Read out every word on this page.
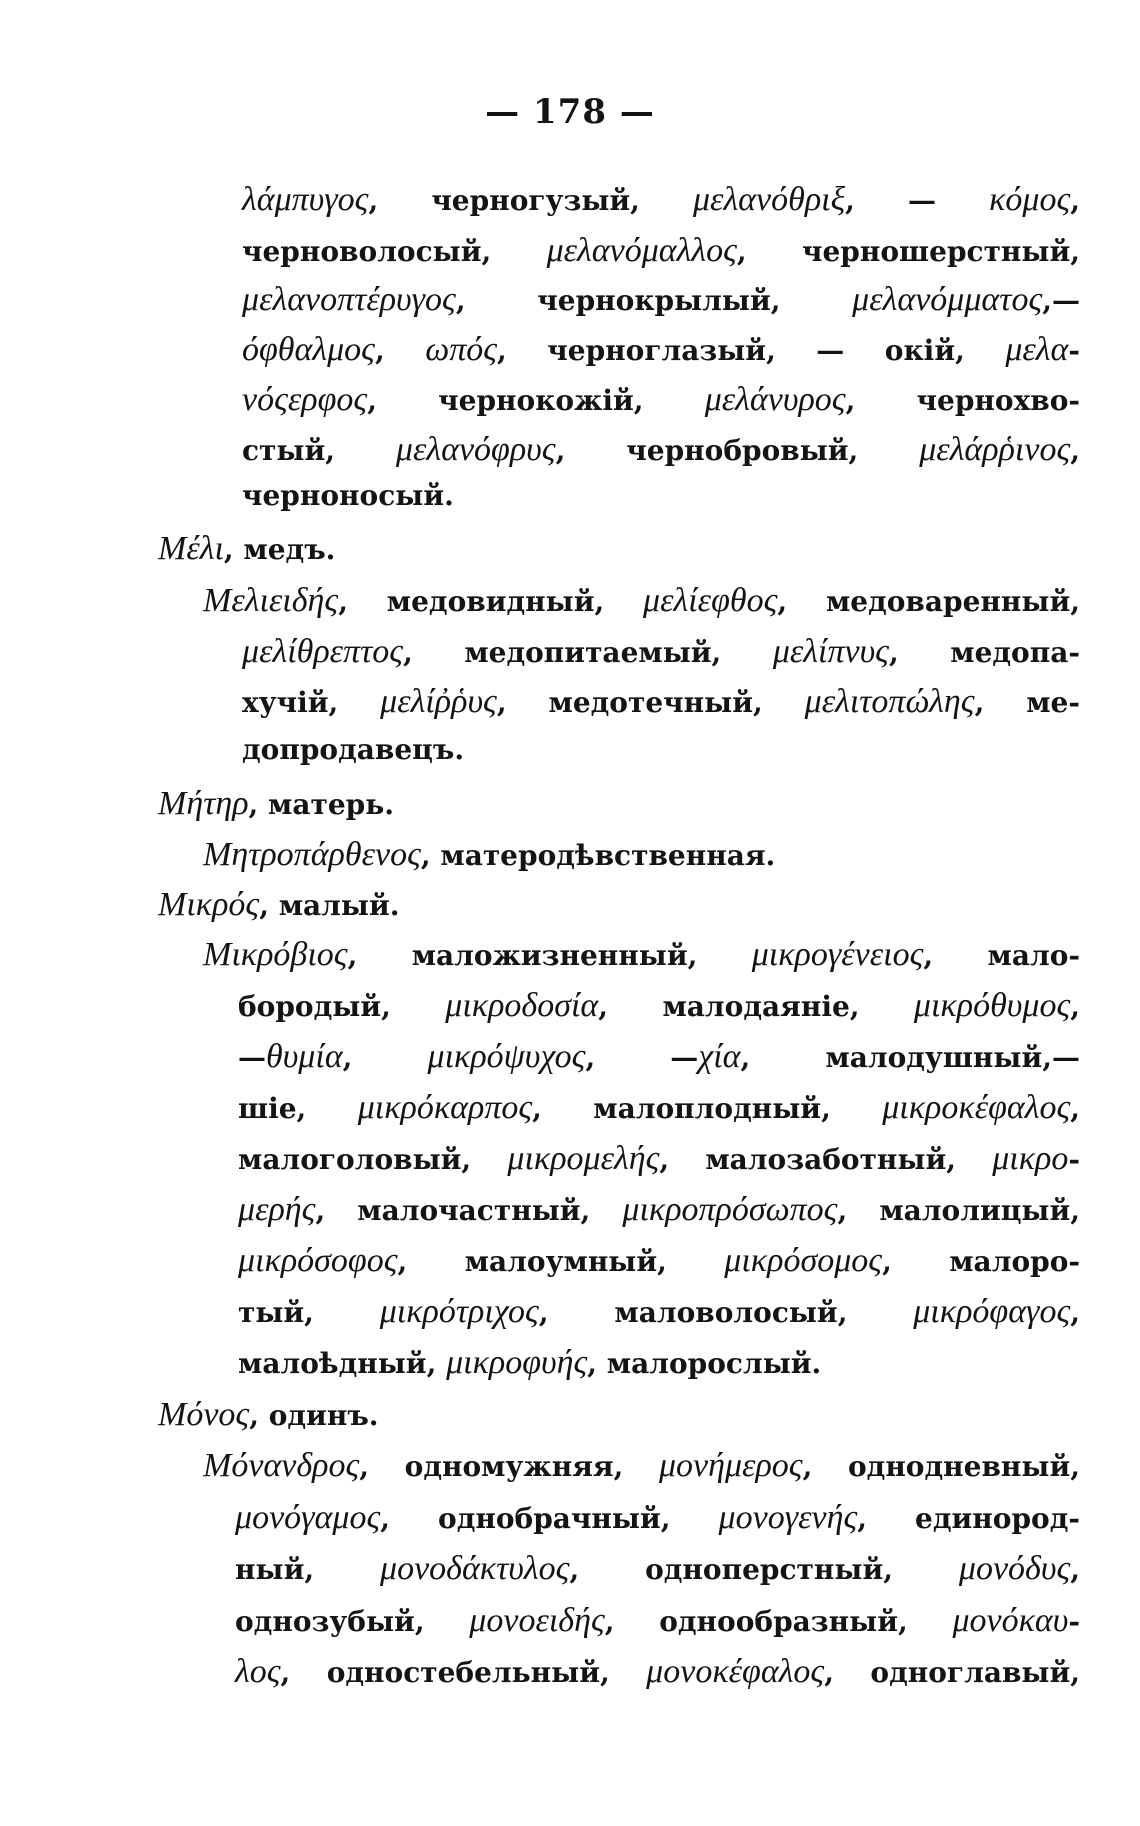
— 178 —
λάμπυγος, черногузый, μελανόθριξ, — κόμος,
черноволосый, μελανόμαλλος, черношерстный,
μελανοπτέρυγος, чернокрылый, μελανόμματος,—
όφθαλμος, ωπός, черноглазый, — окій, μελα-
νόςερφος, чернокожій, μελάνυρος, чернохво-
стый, μελανόφρυς, чернобровый, μελάρῥινος,
черноносый.
Μέλι, медъ.
Μελιειδής, медовидный, μελίεφθος, медоваренный,
μελίθρεπτος, медопитаемый, μελίπνυς, медопа-
хучій, μελίῤῥυς, медотечный, μελιτοπώλης, ме-
допродавецъ.
Μήτηρ, матерь.
Μητροπάρθενος, матеродѣвственная.
Μικρός, малый.
Μικρόβιος, маложизненный, μικρογένειος, мало-
бородый, μικροδοσία, малодаяніе, μικρόθυμος,
—θυμία, μικρόψυχος, —χία, малодушный,—
шіе, μικρόκαρπος, малоплодный, μικροκέφαλος,
малоголовый, μικρομελής, малозаботный, μικρο-
μερής, малочастный, μικροπρόσωπος, малолицый,
μικρόσοφος, малоумный, μικρόσομος, малоро-
тый, μικρότριχος, маловолосый, μικρόφαγος,
малоѣдный, μικροφυής, малорослый.
Μόνος, одинъ.
Μόνανδρος, одномужняя, μονήμερος, однодневный,
μονόγαμος, однобрачный, μονογενής, единород-
ный, μονοδάκτυλος, одноперстный, μονόδυς,
однозубый, μονοειδής, однообразный, μονόκαυ-
λος, одностебельный, μονοκέφαλος, одноглавый,
